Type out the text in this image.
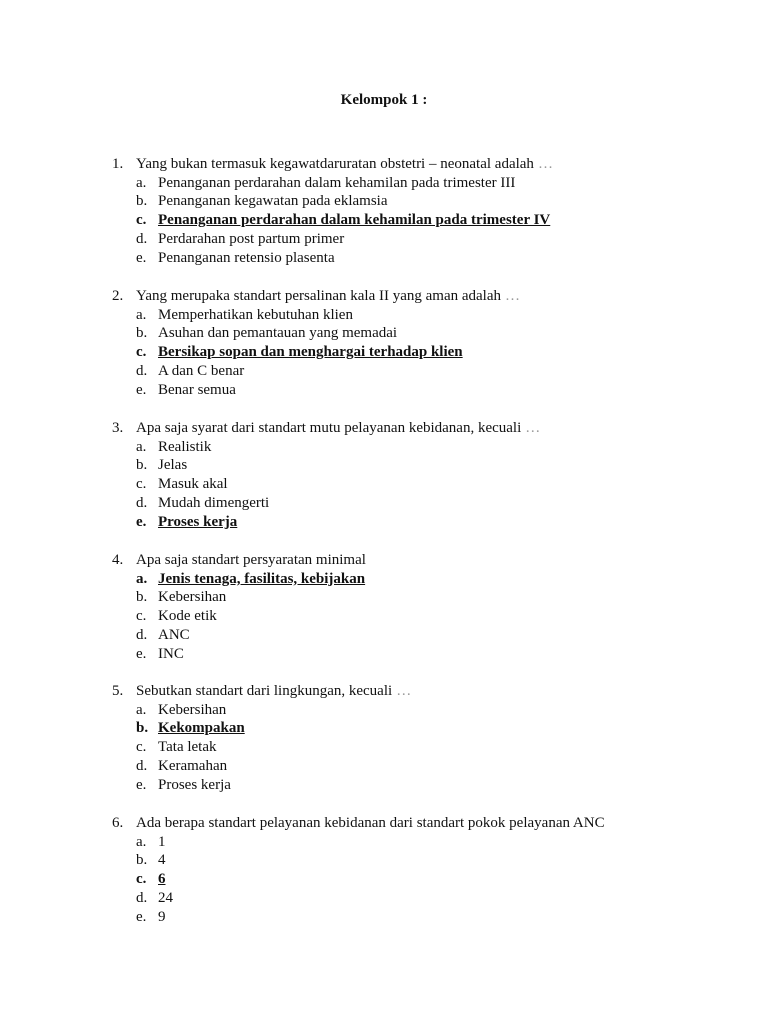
Kelompok 1 :
1. Yang bukan termasuk kegawatdaruratan obstetri – neonatal adalah …
a. Penanganan perdarahan dalam kehamilan pada trimester III
b. Penanganan kegawatan pada eklamsia
c. Penanganan perdarahan dalam kehamilan pada trimester IV
d. Perdarahan post partum primer
e. Penanganan retensio plasenta
2. Yang merupaka standart persalinan kala II yang aman adalah …
a. Memperhatikan kebutuhan klien
b. Asuhan dan pemantauan yang memadai
c. Bersikap sopan dan menghargai terhadap klien
d. A dan C benar
e. Benar semua
3. Apa saja syarat dari standart mutu pelayanan kebidanan, kecuali …
a. Realistik
b. Jelas
c. Masuk akal
d. Mudah dimengerti
e. Proses kerja
4. Apa saja standart persyaratan minimal
a. Jenis tenaga, fasilitas, kebijakan
b. Kebersihan
c. Kode etik
d. ANC
e. INC
5. Sebutkan standart dari lingkungan, kecuali …
a. Kebersihan
b. Kekompakan
c. Tata letak
d. Keramahan
e. Proses kerja
6. Ada berapa standart pelayanan kebidanan dari standart pokok pelayanan ANC
a. 1
b. 4
c. 6
d. 24
e. 9
